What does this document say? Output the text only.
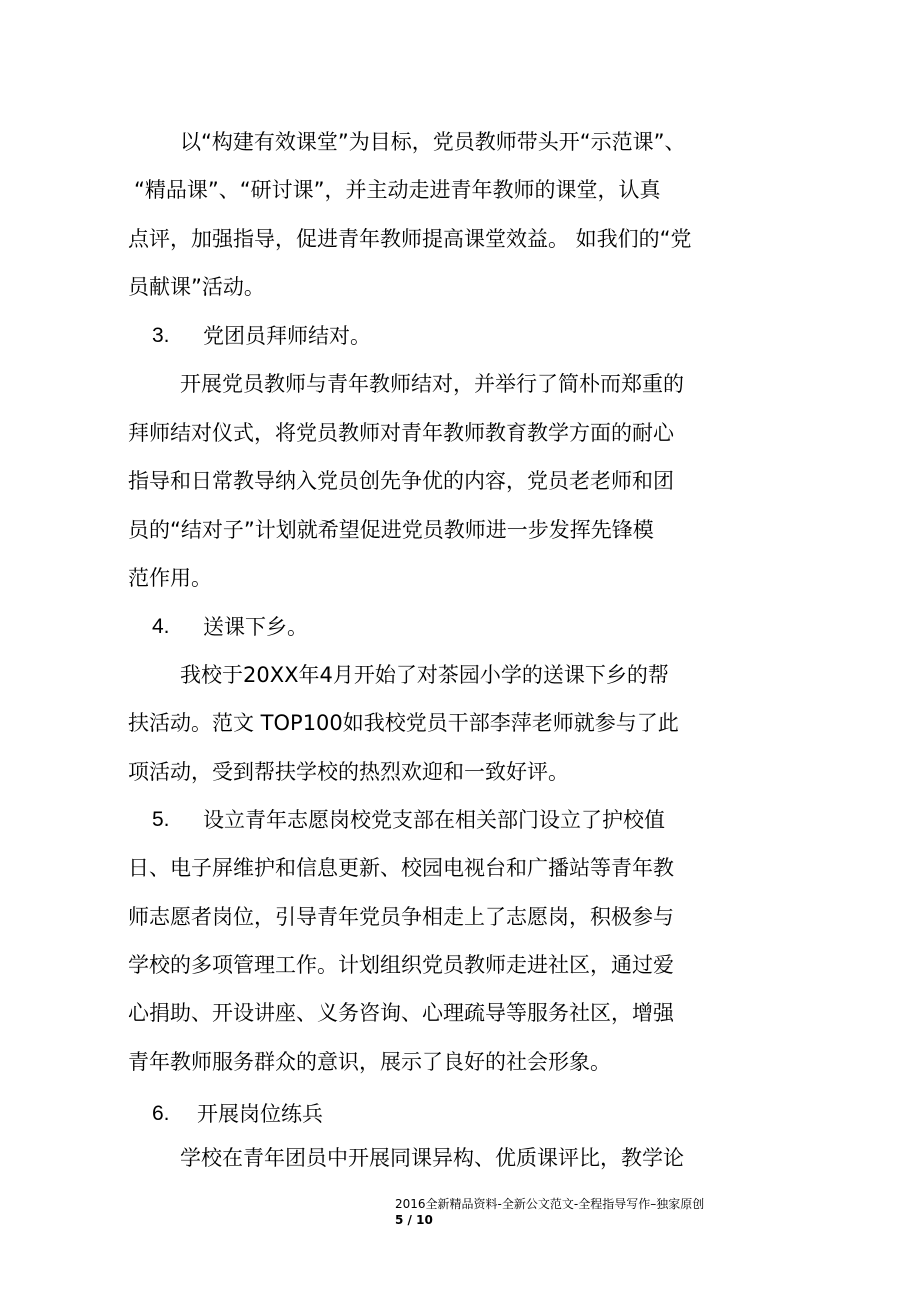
以“构建有效课堂”为目标，党员教师带头开“示范课”、
“精品课”、“研讨课”，并主动走进青年教师的课堂，认真
点评，加强指导，促进青年教师提高课堂效益。 如我们的“党
员献课”活动。
3. 党团员拜师结对。
开展党员教师与青年教师结对，并举行了简朴而郑重的
拜师结对仪式，将党员教师对青年教师教育教学方面的耐心
指导和日常教导纳入党员创先争优的内容，党员老老师和团
员的“结对子”计划就希望促进党员教师进一步发挥先锋模
范作用。
4. 送课下乡。
我校于20XX年4月开始了对茶园小学的送课下乡的帮
扶活动。范文 TOP100如我校党员干部李萍老师就参与了此
项活动，受到帮扶学校的热烈欢迎和一致好评。
5. 设立青年志愿岗校党支部在相关部门设立了护校值
日、电子屏维护和信息更新、校园电视台和广播站等青年教
师志愿者岗位，引导青年党员争相走上了志愿岗，积极参与
学校的多项管理工作。计划组织党员教师走进社区，通过爱
心捐助、开设讲座、义务咨询、心理疏导等服务社区，增强
青年教师服务群众的意识，展示了良好的社会形象。
6. 开展岗位练兵
学校在青年团员中开展同课异构、优质课评比，教学论
2016全新精品资料-全新公文范文-全程指导写作–独家原创
5 / 10
